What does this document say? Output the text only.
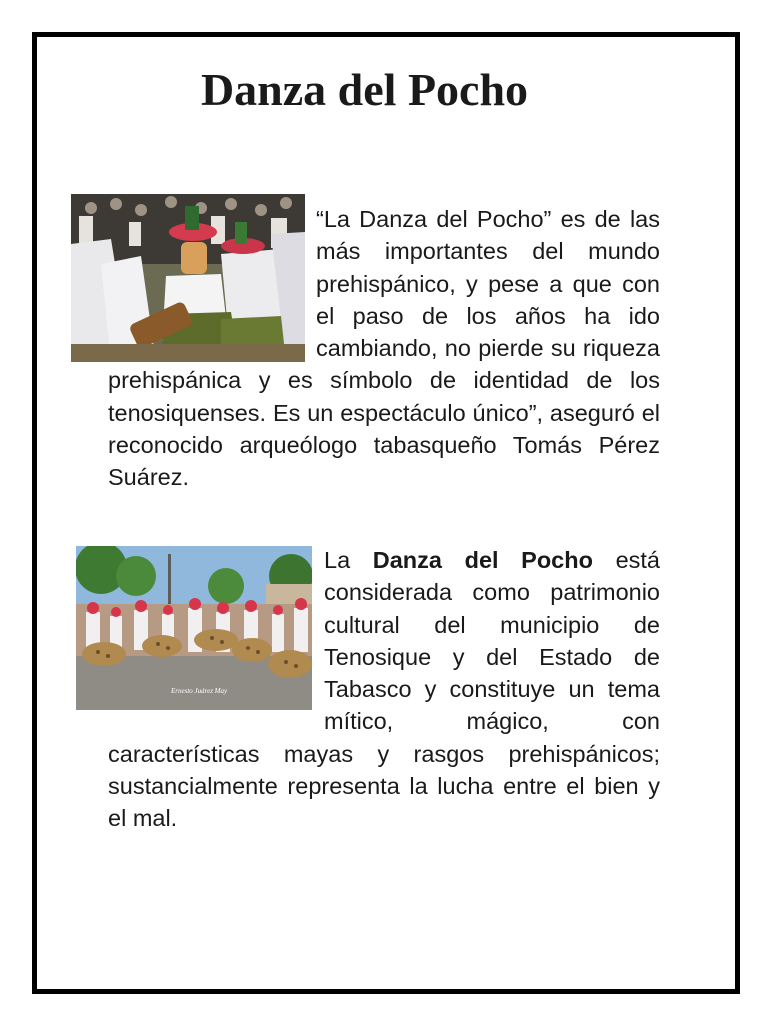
Danza del Pocho

“La Danza del Pocho” es de las más importantes del mundo prehispánico, y pese a que con el paso de los años ha ido cambiando, no pierde su riqueza prehispánica y es símbolo de identidad de los tenosiquenses. Es un espectáculo único”, aseguró el reconocido arqueólogo tabasqueño Tomás Pérez Suárez.

Ernesto Juárez May
La Danza del Pocho está considerada como patrimonio cultural del municipio de Tenosique y del Estado de Tabasco y constituye un tema mítico, mágico, con características mayas y rasgos prehispánicos; sustancialmente representa la lucha entre el bien y el mal.
